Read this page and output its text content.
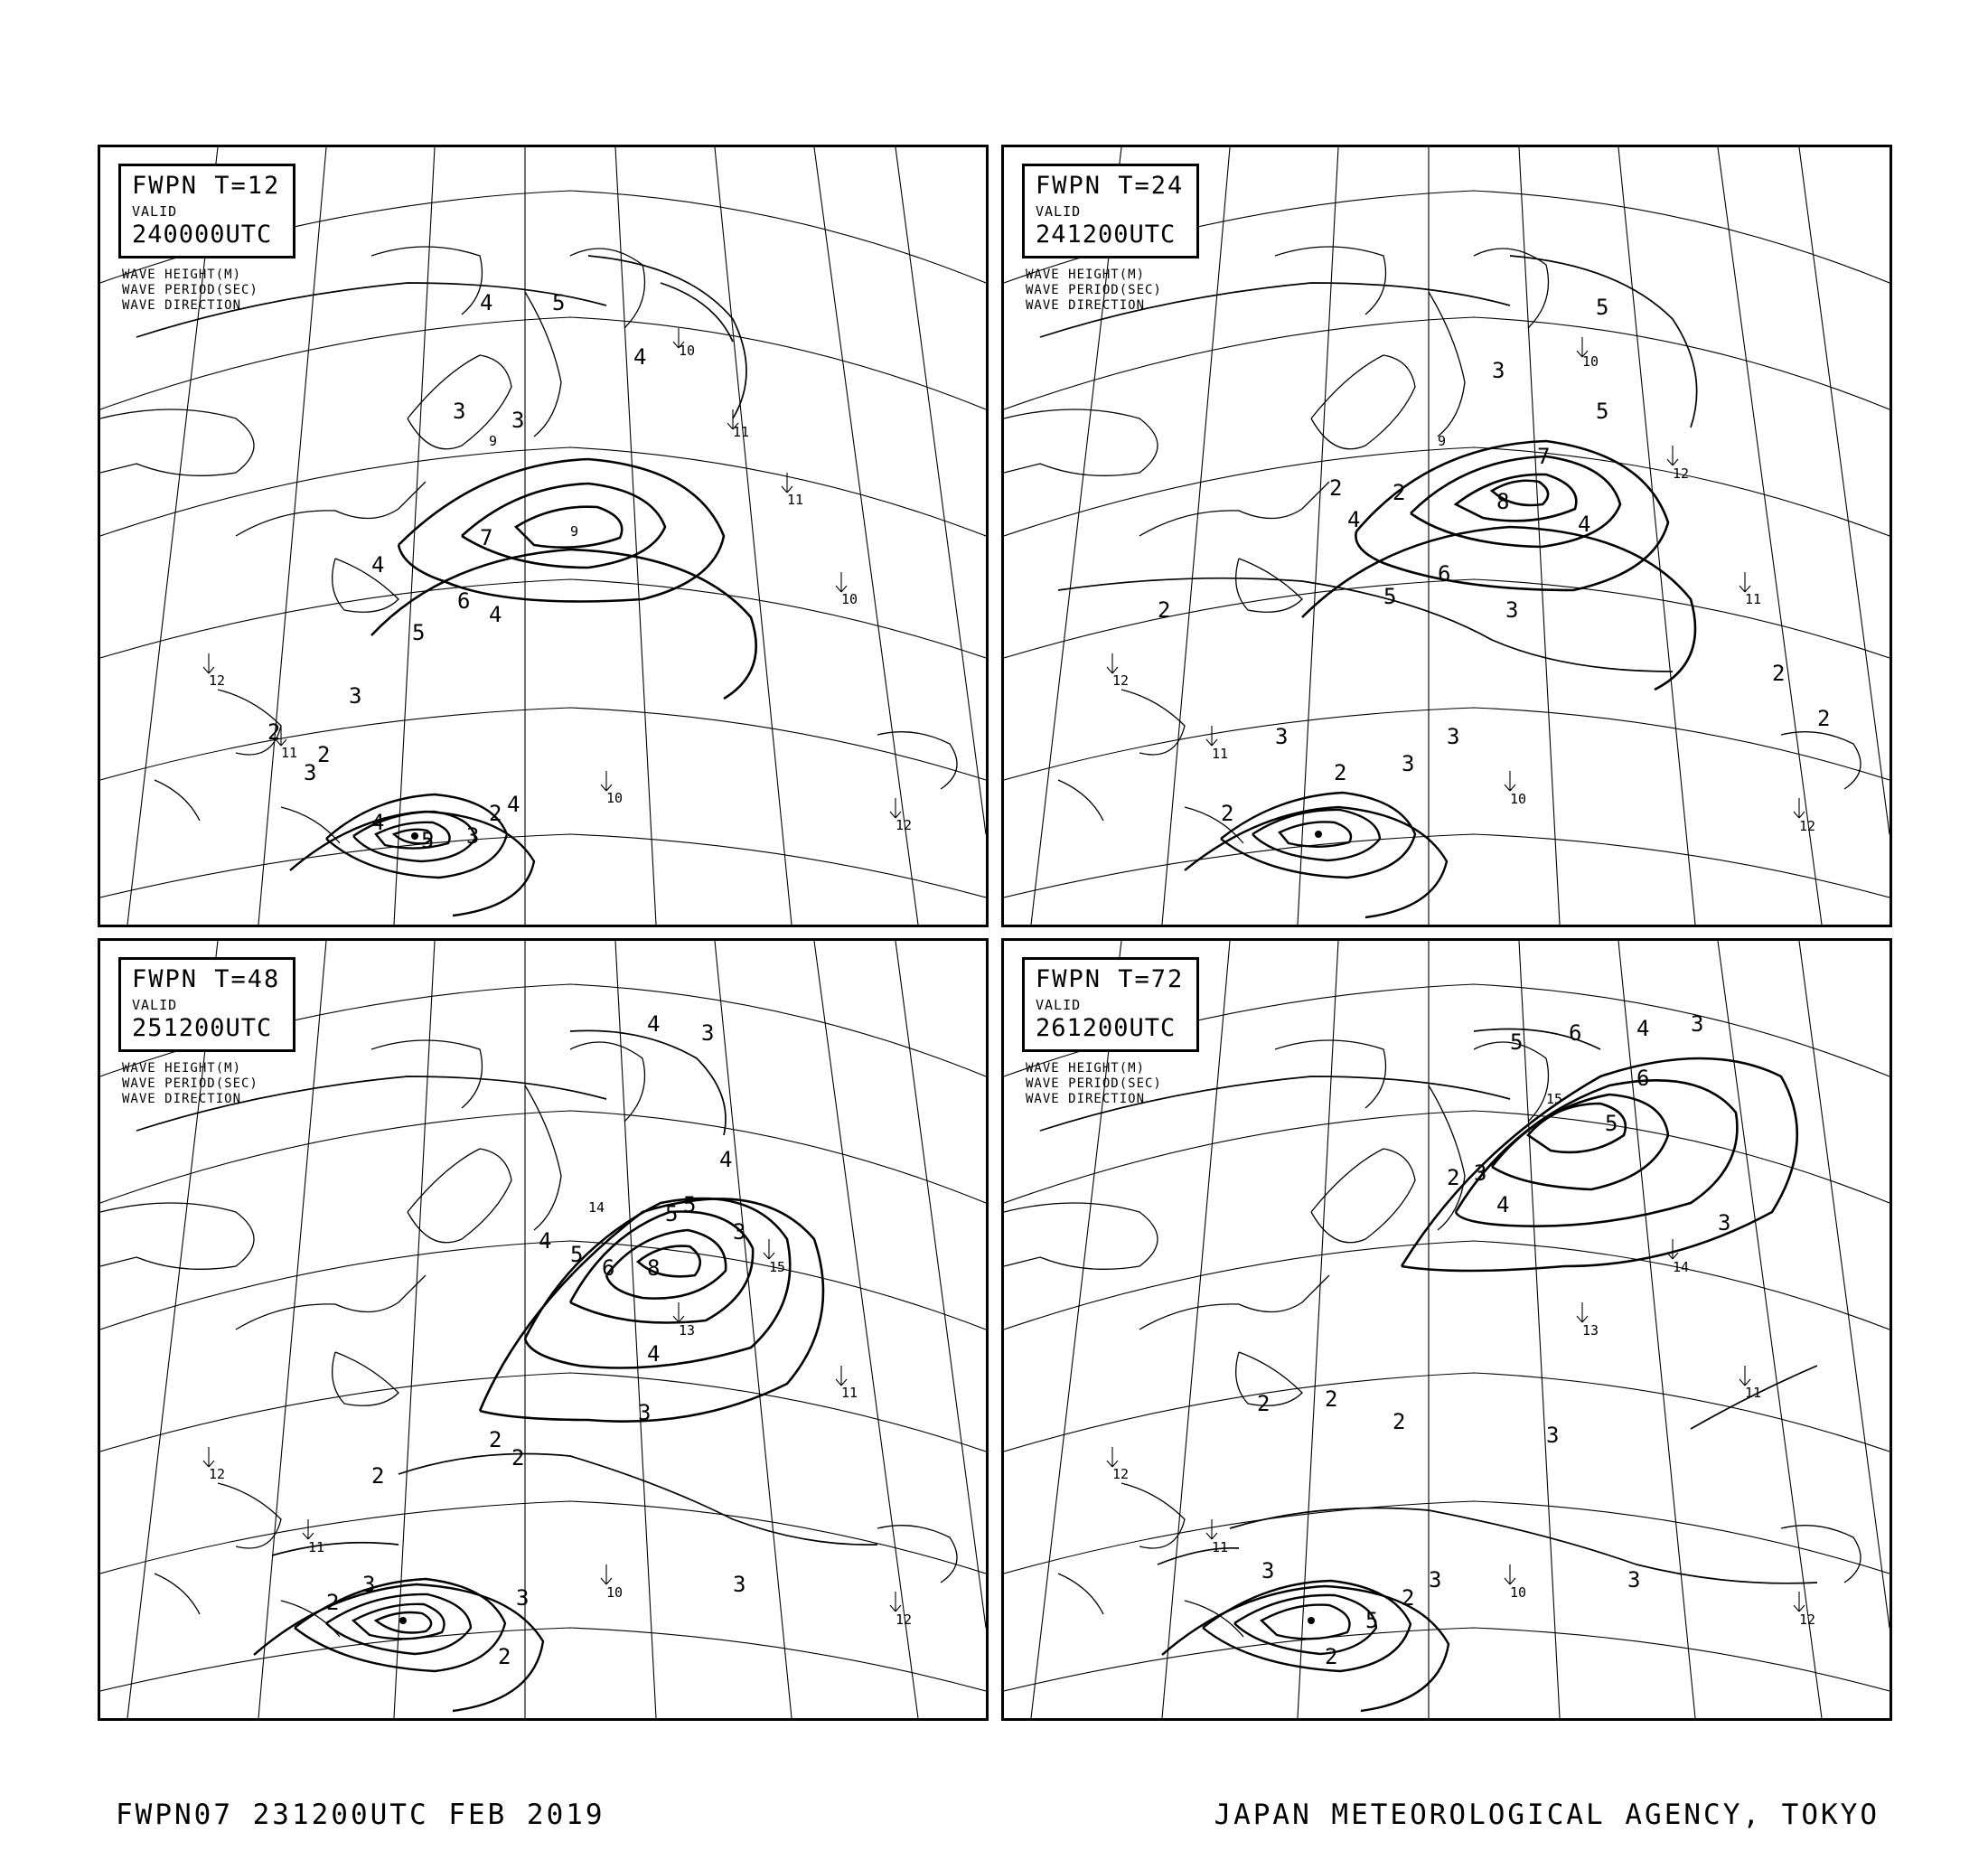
4
5
6
4
7
3
2
2
5
4
3
3
2 4
3
3
4	5
4 10
11
11
10
12
11
10
12
9
9
FWPN T=12
VALID
240000UTC
WAVE HEIGHT(M)
WAVE PERIOD(SEC)
WAVE DIRECTION
4
5
6
8
7
4
5
3
2
2
2	3
2
3
2	3
3
2
2
5
10
12
11
12
11
10
12
9
FWPN T=24
VALID
241200UTC
WAVE HEIGHT(M)
WAVE PERIOD(SEC)
WAVE DIRECTION
4
5
6 8
5 5
3
4
4
3
2
2
2
2
3
2
3
3
4 3
13
15
11
12
11
10
12
14
FWPN T=48
VALID
251200UTC
WAVE HEIGHT(M)
WAVE PERIOD(SEC)
WAVE DIRECTION
5 6	4 3
5
6
4
2 3
3
2	2
2
3
2
3
5
3	3
2
13
14
11
12
11
10
12
15
FWPN T=72
VALID
261200UTC
WAVE HEIGHT(M)
WAVE PERIOD(SEC)
WAVE DIRECTION
FWPN07 231200UTC FEB 2019	JAPAN METEOROLOGICAL AGENCY, TOKYO
